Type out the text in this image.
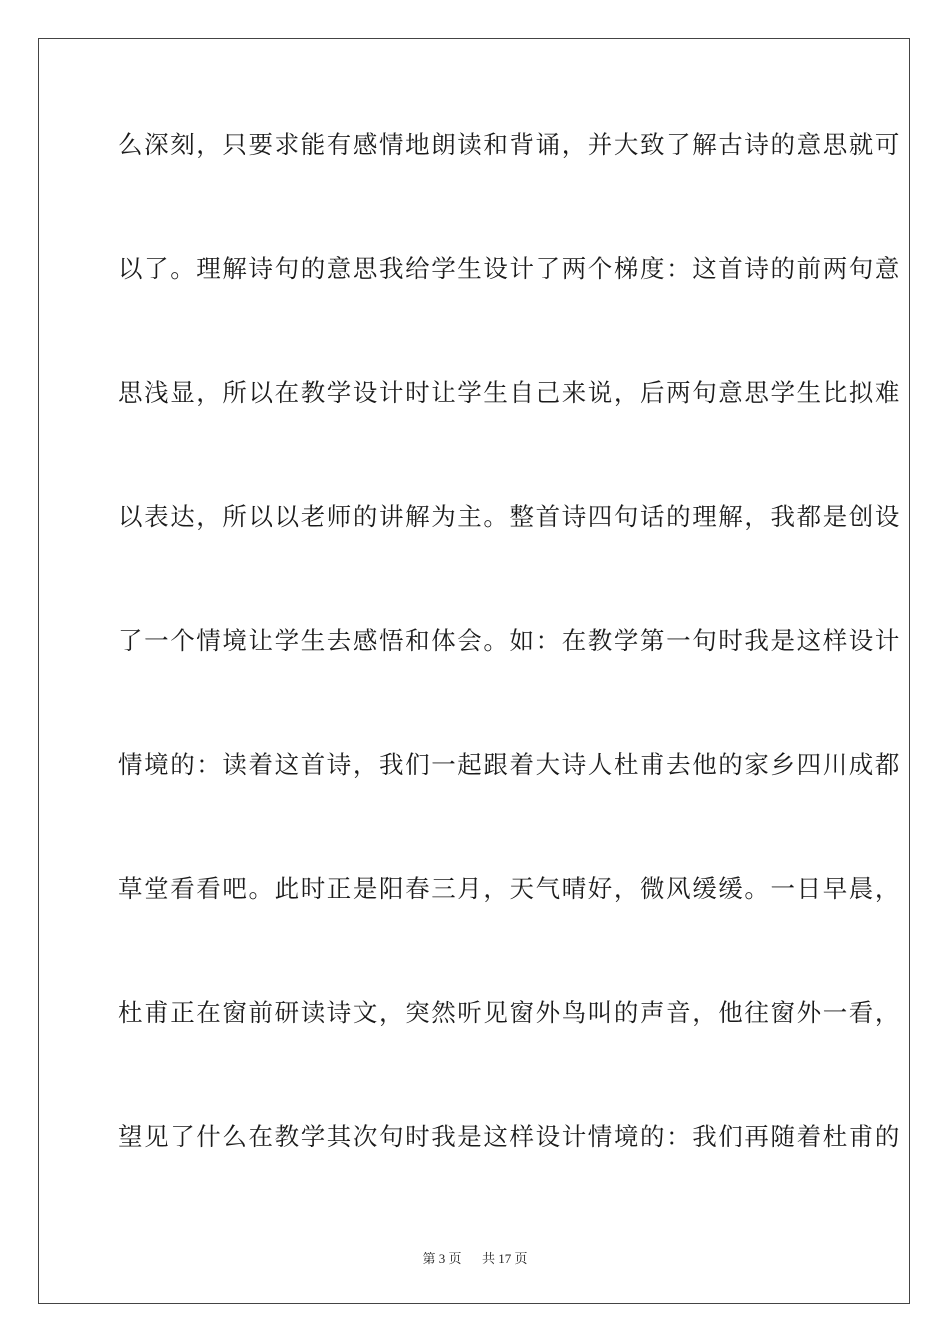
么深刻，只要求能有感情地朗读和背诵，并大致了解古诗的意思就可
以了。理解诗句的意思我给学生设计了两个梯度：这首诗的前两句意
思浅显，所以在教学设计时让学生自己来说，后两句意思学生比拟难
以表达，所以以老师的讲解为主。整首诗四句话的理解，我都是创设
了一个情境让学生去感悟和体会。如：在教学第一句时我是这样设计
情境的：读着这首诗，我们一起跟着大诗人杜甫去他的家乡四川成都
草堂看看吧。此时正是阳春三月，天气晴好，微风缓缓。一日早晨，
杜甫正在窗前研读诗文，突然听见窗外鸟叫的声音，他往窗外一看，
望见了什么在教学其次句时我是这样设计情境的：我们再随着杜甫的
第 3 页 共 17 页
